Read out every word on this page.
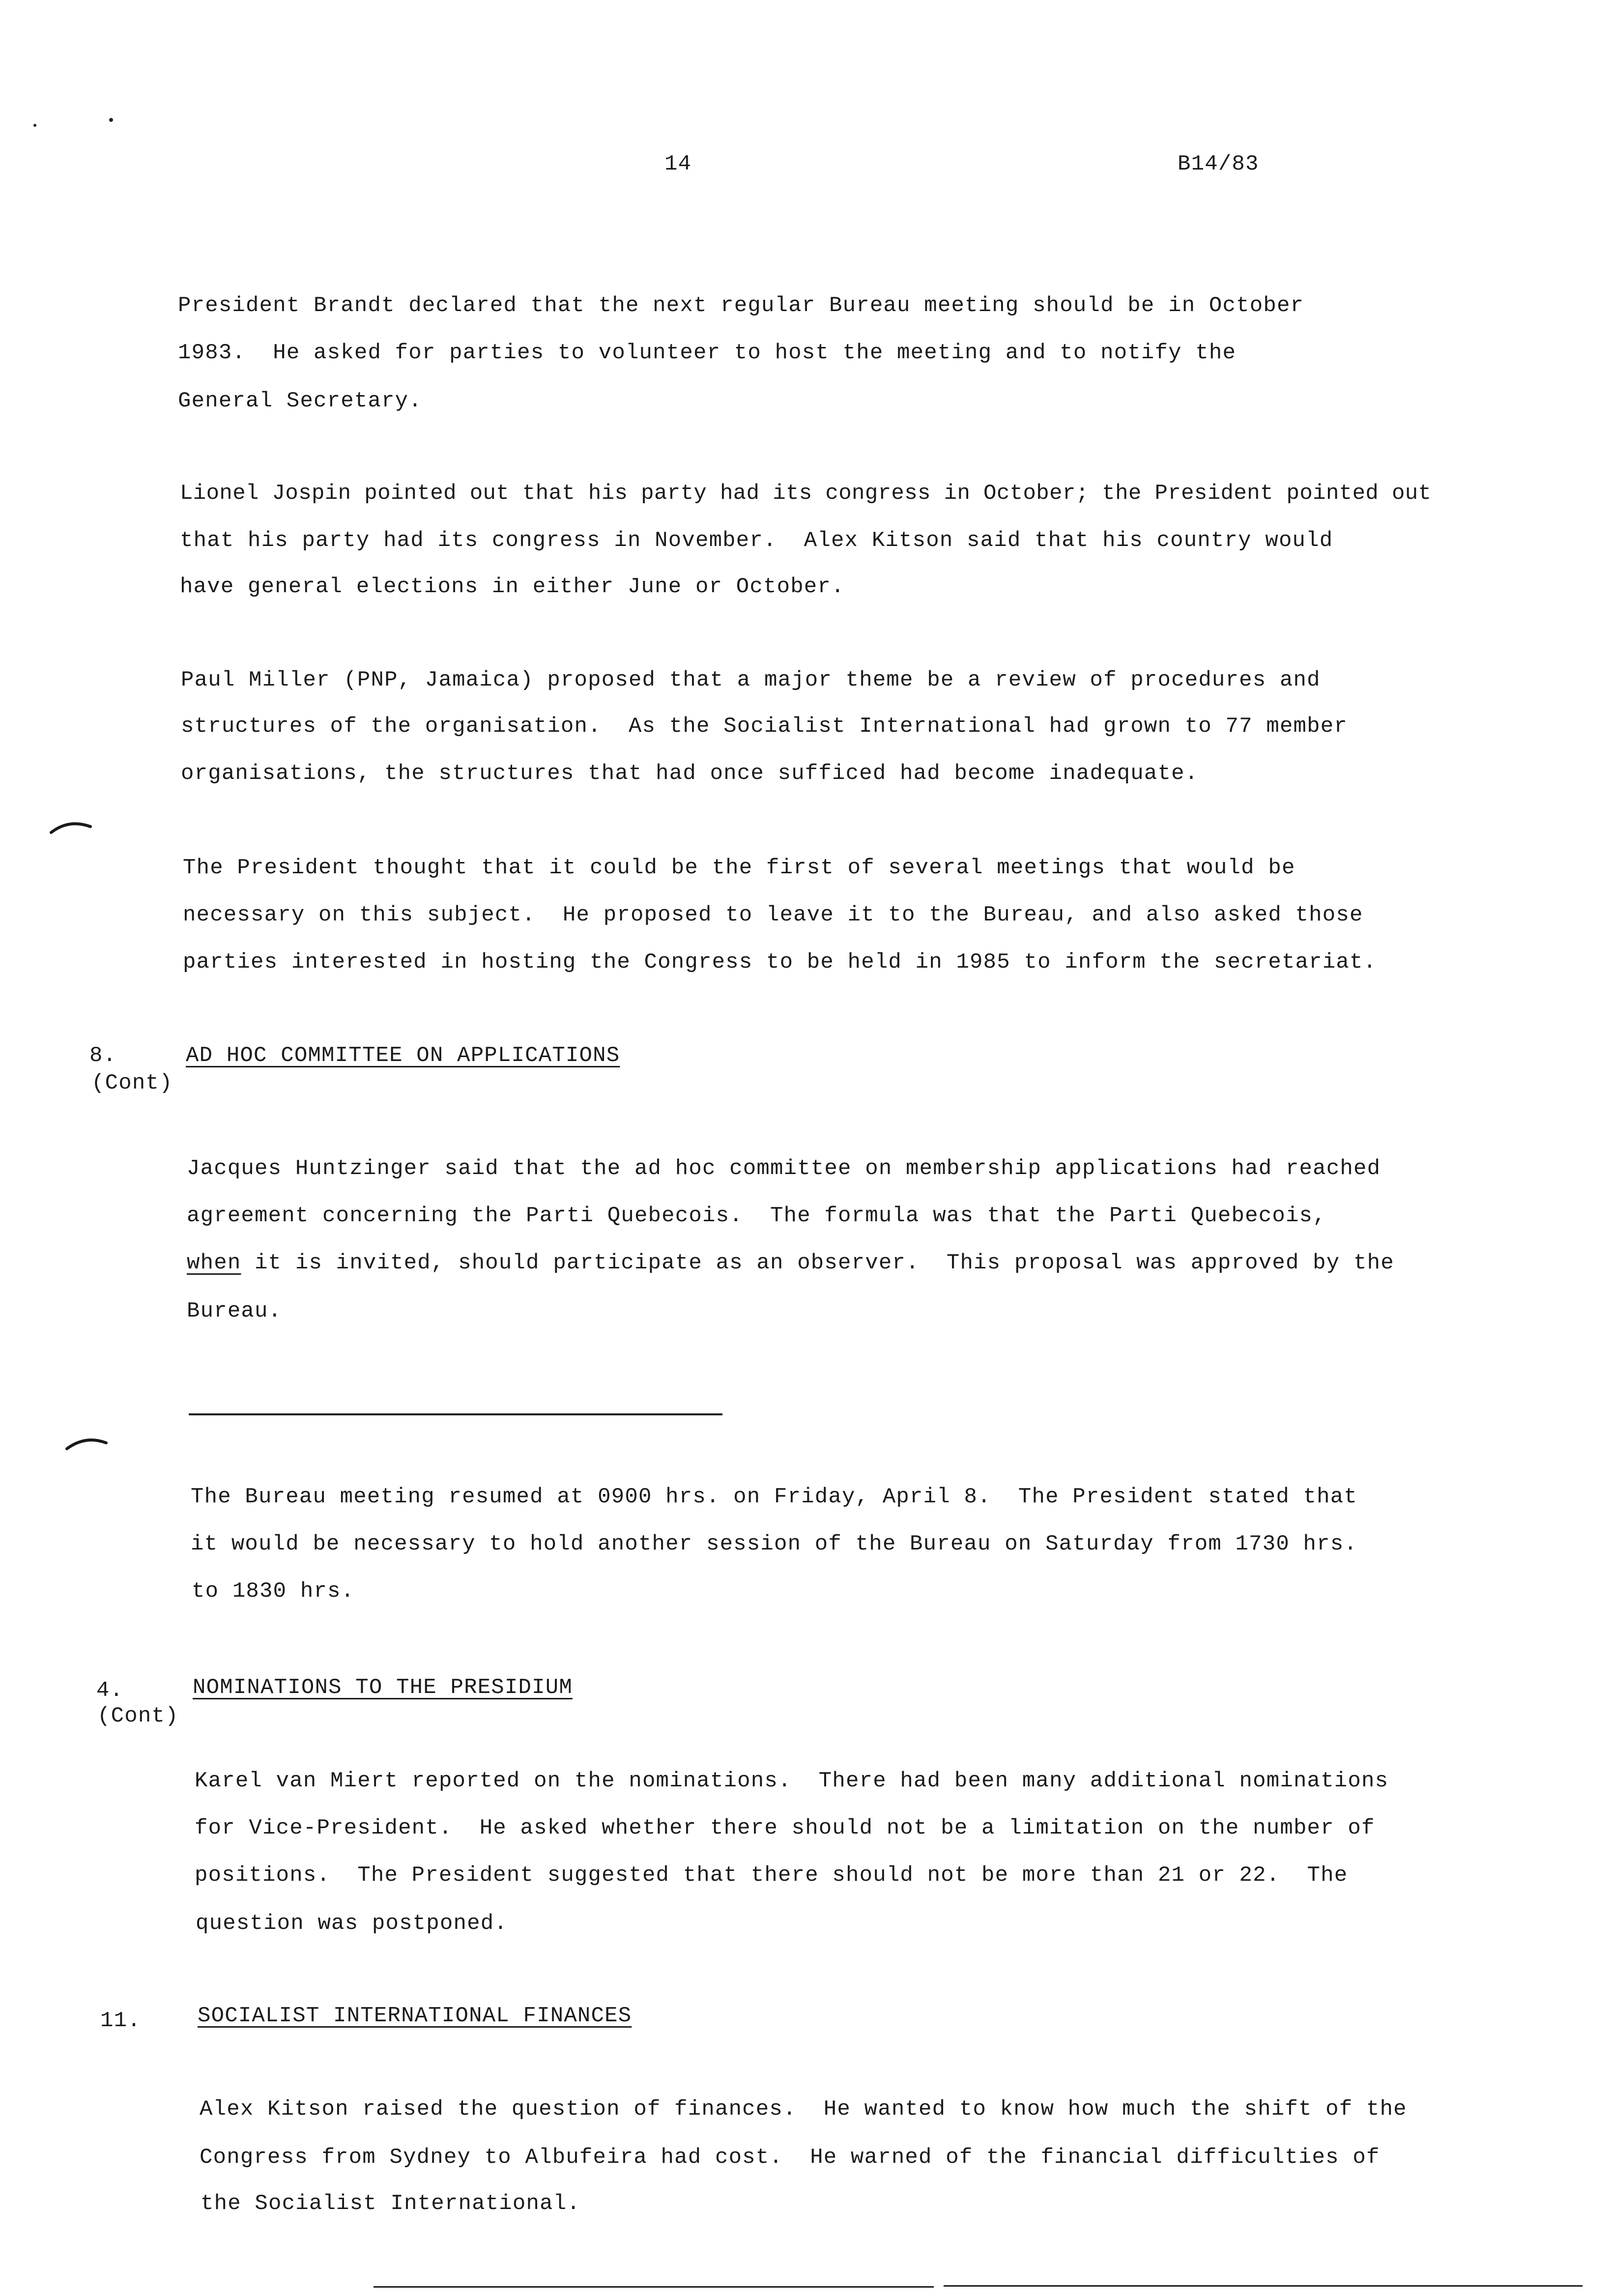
14	B14/83
President Brandt declared that the next regular Bureau meeting should be in October
1983.  He asked for parties to volunteer to host the meeting and to notify the
General Secretary.
Lionel Jospin pointed out that his party had its congress in October; the President pointed out
that his party had its congress in November.  Alex Kitson said that his country would
have general elections in either June or October.
Paul Miller (PNP, Jamaica) proposed that a major theme be a review of procedures and
structures of the organisation.  As the Socialist International had grown to 77 member
organisations, the structures that had once sufficed had become inadequate.
The President thought that it could be the first of several meetings that would be
necessary on this subject.  He proposed to leave it to the Bureau, and also asked those
parties interested in hosting the Congress to be held in 1985 to inform the secretariat.
8.
(Cont)
AD HOC COMMITTEE ON APPLICATIONS
Jacques Huntzinger said that the ad hoc committee on membership applications had reached
agreement concerning the Parti Quebecois.  The formula was that the Parti Quebecois,
when it is invited, should participate as an observer.  This proposal was approved by the
Bureau.
The Bureau meeting resumed at 0900 hrs. on Friday, April 8.  The President stated that
it would be necessary to hold another session of the Bureau on Saturday from 1730 hrs.
to 1830 hrs.
4.
(Cont)
NOMINATIONS TO THE PRESIDIUM
Karel van Miert reported on the nominations.  There had been many additional nominations
for Vice-President.  He asked whether there should not be a limitation on the number of
positions.  The President suggested that there should not be more than 21 or 22.  The
question was postponed.
11.	SOCIALIST INTERNATIONAL FINANCES
Alex Kitson raised the question of finances.  He wanted to know how much the shift of the
Congress from Sydney to Albufeira had cost.  He warned of the financial difficulties of
the Socialist International.
